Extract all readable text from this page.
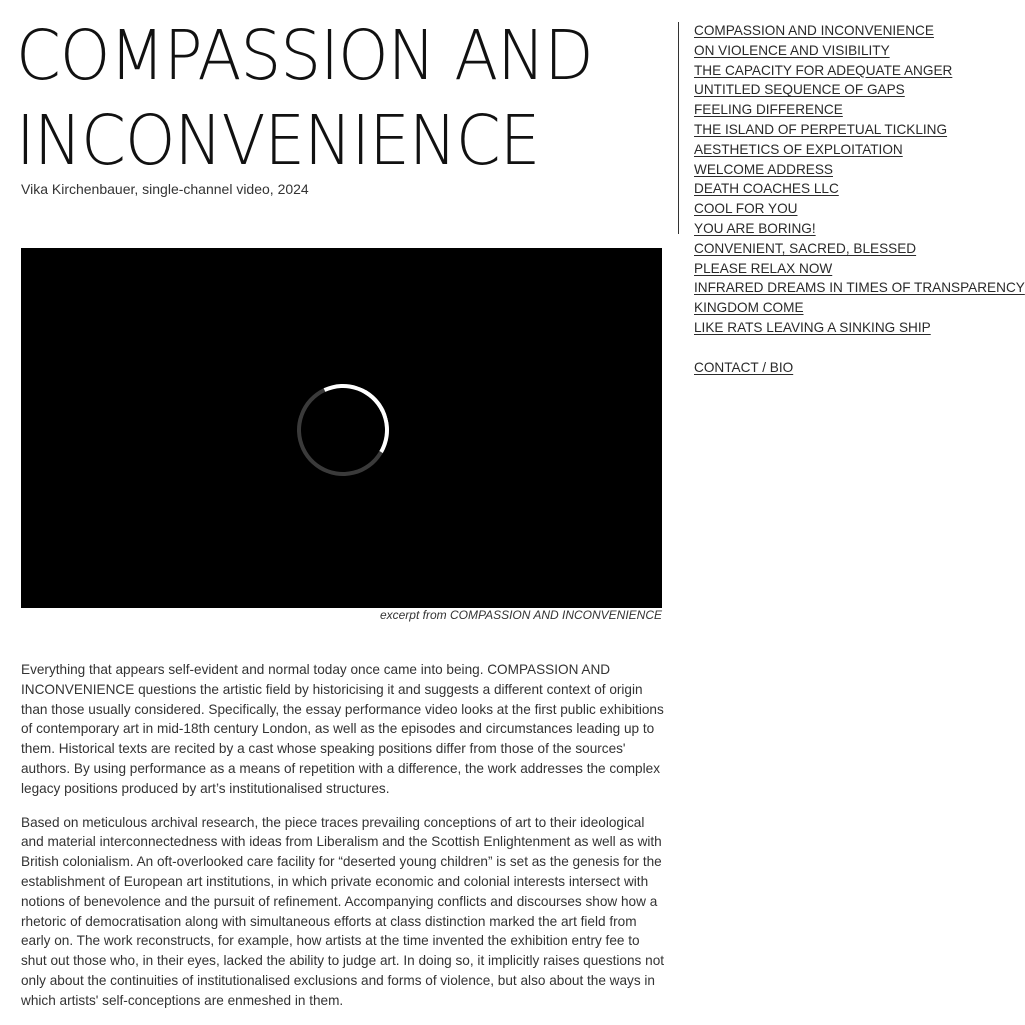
COMPASSION AND INCONVENIENCE
Vika Kirchenbauer, single-channel video, 2024
excerpt from COMPASSION AND INCONVENIENCE

Everything that appears self-evident and normal today once came into being. COMPASSION AND INCONVENIENCE questions the artistic field by historicising it and suggests a different context of origin than those usually considered. Specifically, the essay performance video looks at the first public exhibitions of contemporary art in mid-18th century London, as well as the episodes and circumstances leading up to them. Historical texts are recited by a cast whose speaking positions differ from those of the sources' authors. By using performance as a means of repetition with a difference, the work addresses the complex legacy positions produced by art’s institutionalised structures.

Based on meticulous archival research, the piece traces prevailing conceptions of art to their ideological and material interconnectedness with ideas from Liberalism and the Scottish Enlightenment as well as with British colonialism. An oft-overlooked care facility for “deserted young children” is set as the genesis for the establishment of European art institutions, in which private economic and colonial interests intersect with notions of benevolence and the pursuit of refinement. Accompanying conflicts and discourses show how a rhetoric of democratisation along with simultaneous efforts at class distinction marked the art field from early on. The work reconstructs, for example, how artists at the time invented the exhibition entry fee to shut out those who, in their eyes, lacked the ability to judge art. In doing so, it implicitly raises questions not only about the continuities of institutionalised exclusions and forms of violence, but also about the ways in which artists' self-conceptions are enmeshed in them.

COMPASSION AND INCONVENIENCE
ON VIOLENCE AND VISIBILITY
THE CAPACITY FOR ADEQUATE ANGER
UNTITLED SEQUENCE OF GAPS
FEELING DIFFERENCE
THE ISLAND OF PERPETUAL TICKLING
AESTHETICS OF EXPLOITATION
WELCOME ADDRESS
DEATH COACHES LLC
COOL FOR YOU
YOU ARE BORING!
CONVENIENT, SACRED, BLESSED
PLEASE RELAX NOW
INFRARED DREAMS IN TIMES OF TRANSPARENCY
KINGDOM COME
LIKE RATS LEAVING A SINKING SHIP
CONTACT / BIO
